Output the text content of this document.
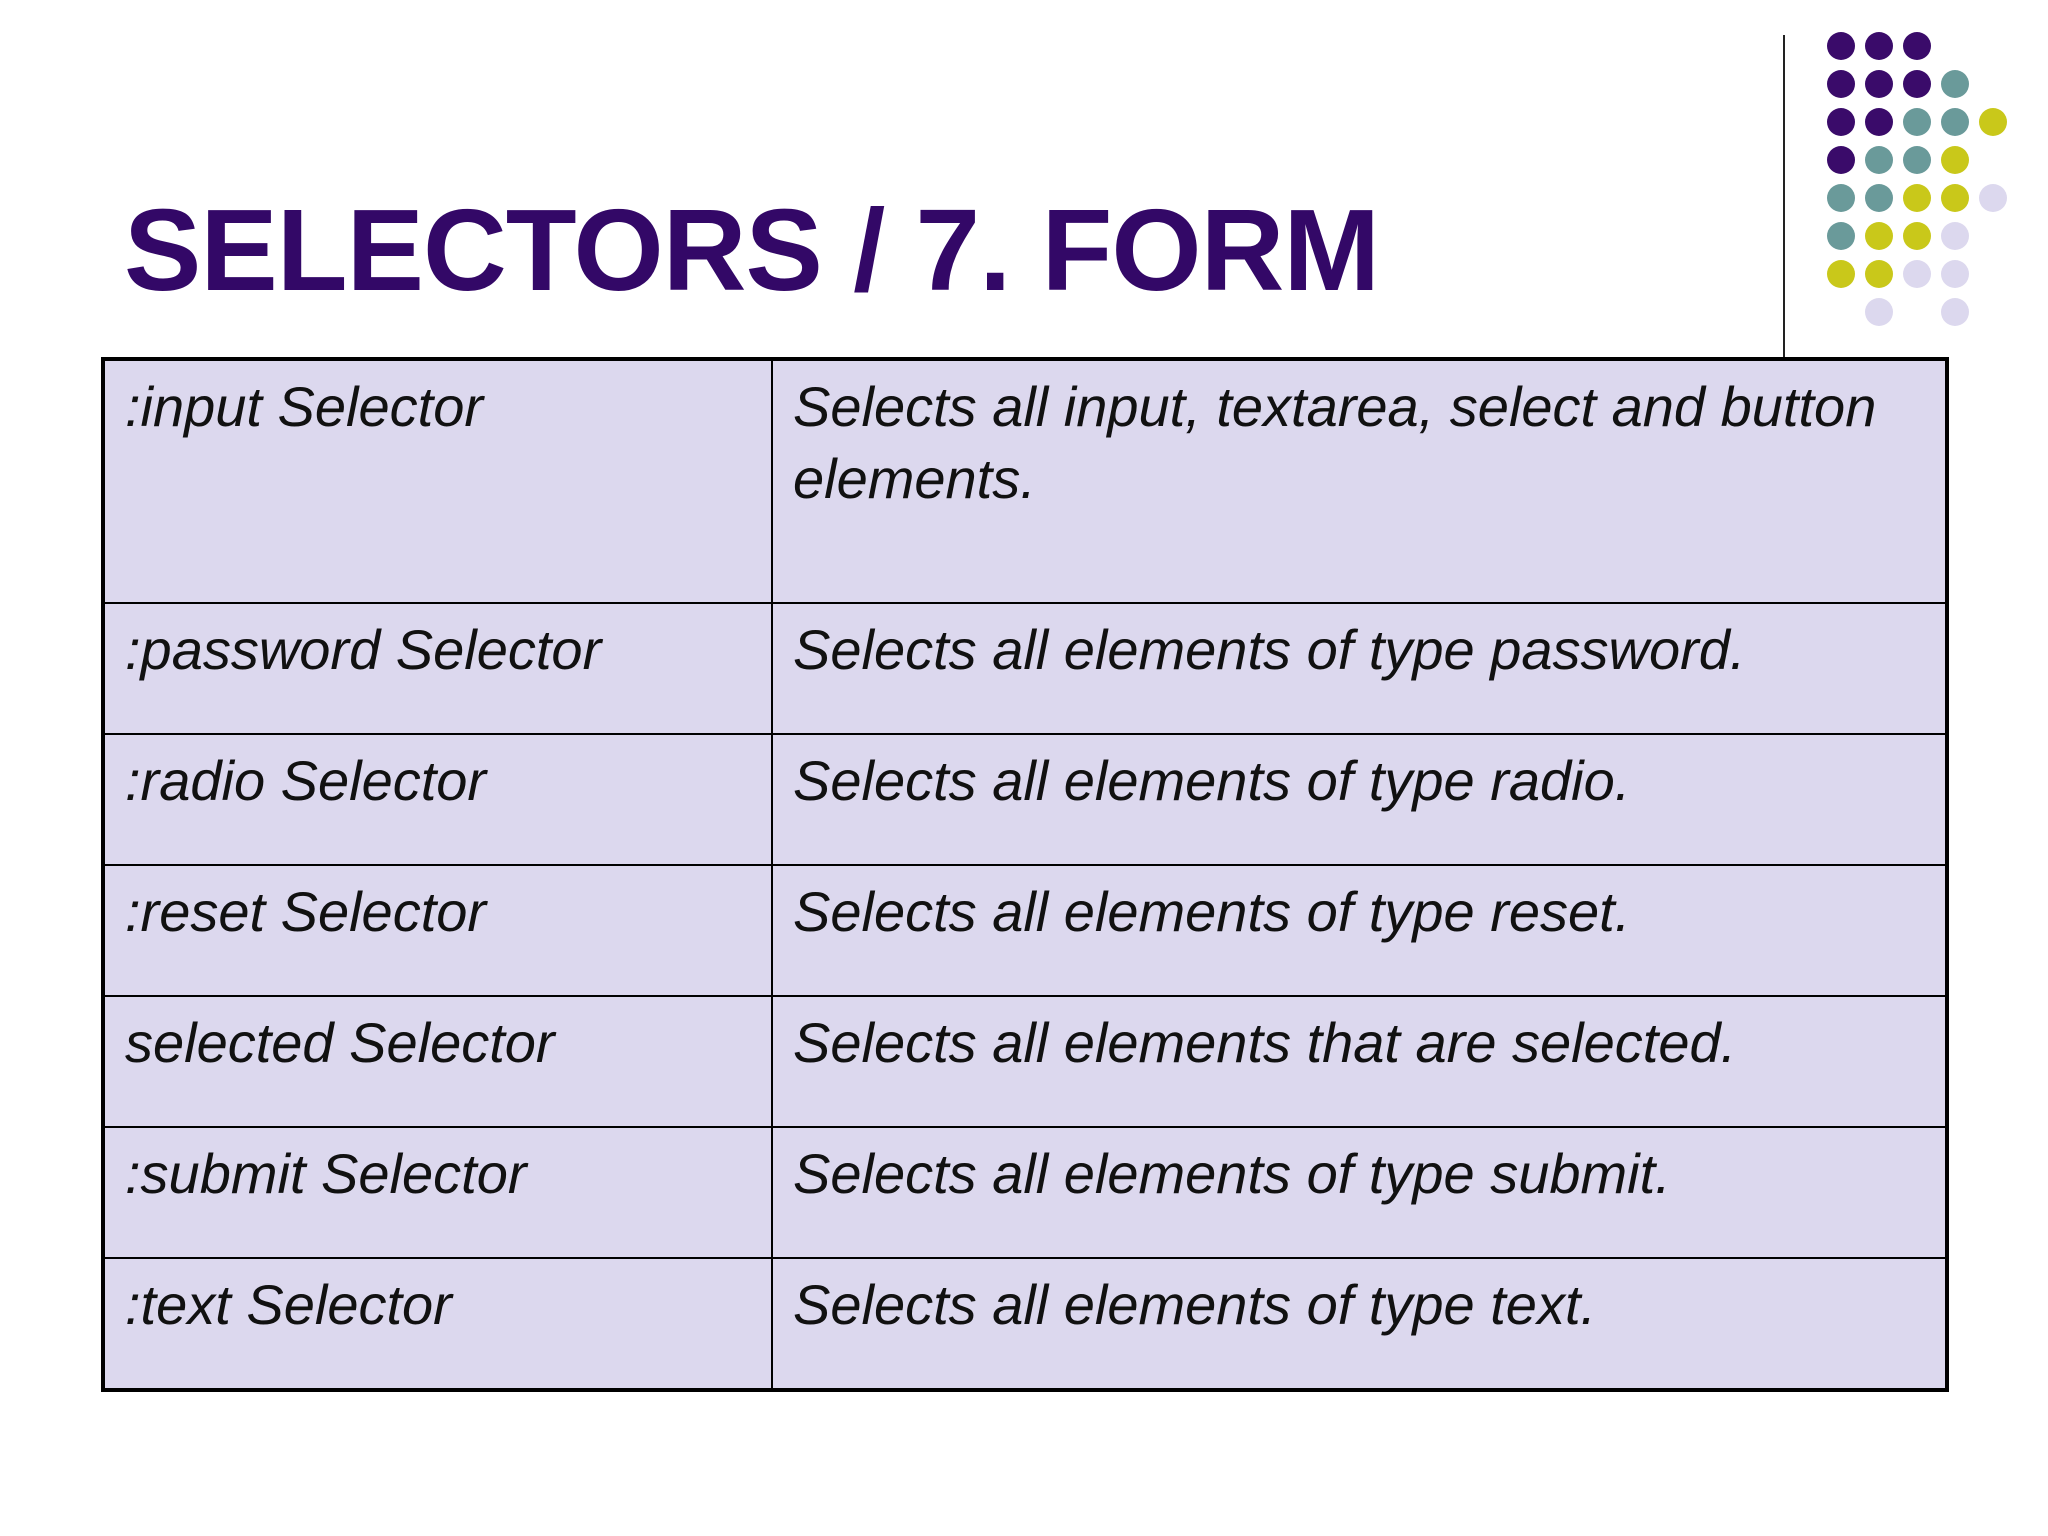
SELECTORS / 7. FORM
:input Selector	Selects all input, textarea, select and button elements.
:password Selector	Selects all elements of type password.
:radio Selector	Selects all elements of type radio.
:reset Selector	Selects all elements of type reset.
selected Selector	Selects all elements that are selected.
:submit Selector	Selects all elements of type submit.
:text Selector	Selects all elements of type text.
